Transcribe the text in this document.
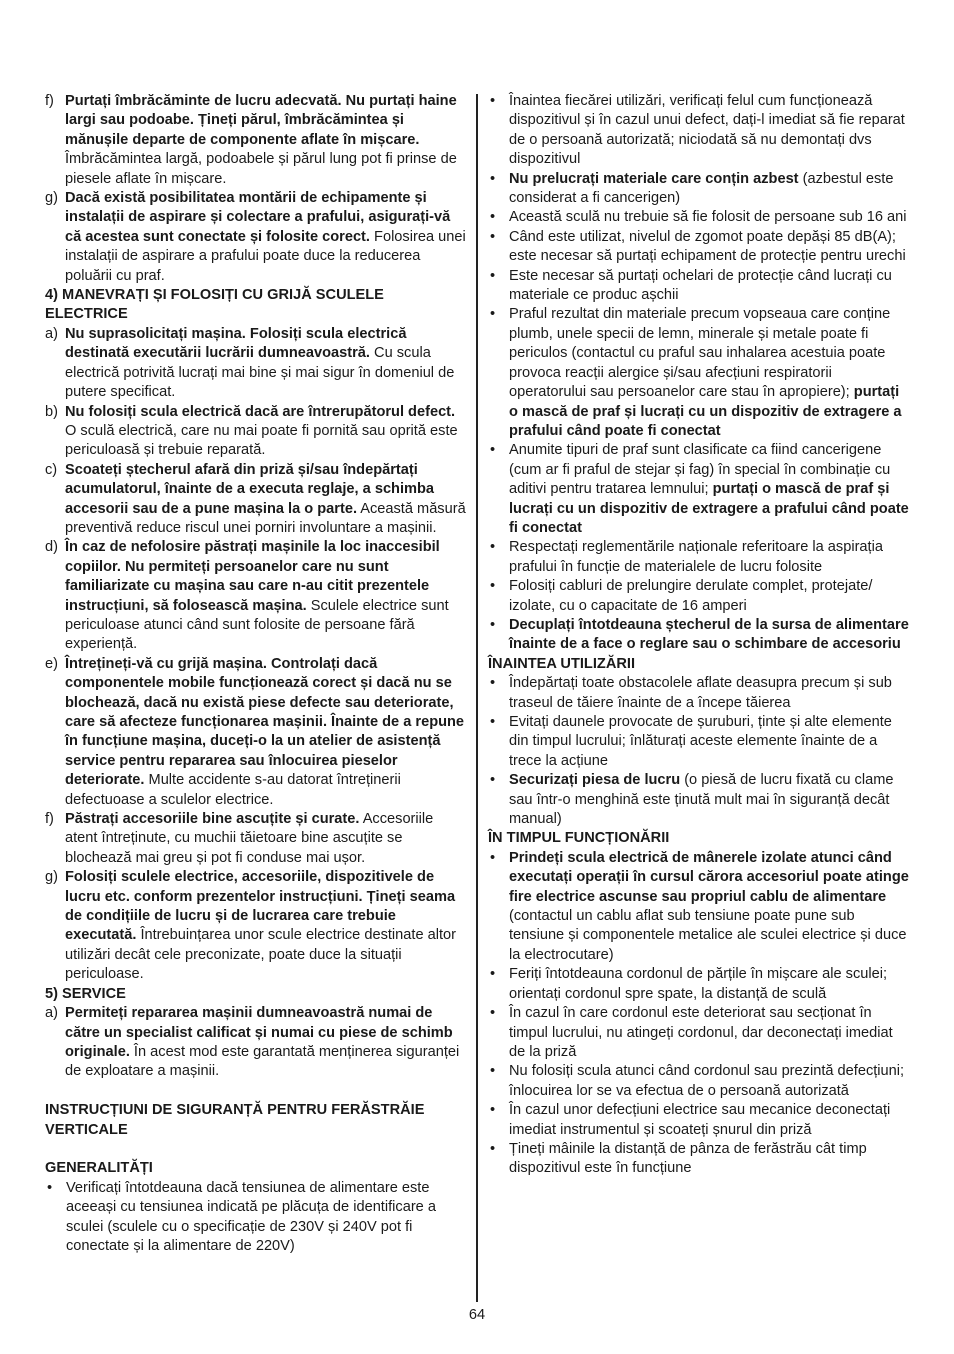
f) Purtați îmbrăcăminte de lucru adecvată. Nu purtați haine largi sau podoabe. Țineți părul, îmbrăcămintea și mănușile departe de componente aflate în mișcare. Îmbrăcămintea largă, podoabele și părul lung pot fi prinse de piesele aflate în mișcare.
g) Dacă există posibilitatea montării de echipamente și instalații de aspirare și colectare a prafului, asigurați-vă că acestea sunt conectate și folosite corect. Folosirea unei instalații de aspirare a prafului poate duce la reducerea poluării cu praf.
4) MANEVRAȚI ȘI FOLOSIȚI CU GRIJĂ SCULELE ELECTRICE
a) Nu suprasolicitați mașina. Folosiți scula electrică destinată executării lucrării dumneavoastră. Cu scula electrică potrivită lucrați mai bine și mai sigur în domeniul de putere specificat.
b) Nu folosiți scula electrică dacă are întrerupătorul defect. O sculă electrică, care nu mai poate fi pornită sau oprită este periculoasă și trebuie reparată.
c) Scoateți ștecherul afară din priză și/sau îndepărtați acumulatorul, înainte de a executa reglaje, a schimba accesorii sau de a pune mașina la o parte. Această măsură preventivă reduce riscul unei porniri involuntare a mașinii.
d) În caz de nefolosire păstrați mașinile la loc inaccesibil copiilor. Nu permiteți persoanelor care nu sunt familiarizate cu mașina sau care n-au citit prezentele instrucțiuni, să folosească mașina. Sculele electrice sunt periculoase atunci când sunt folosite de persoane fără experiență.
e) Întrețineți-vă cu grijă mașina. Controlați dacă componentele mobile funcționează corect și dacă nu se blochează, dacă nu există piese defecte sau deteriorate, care să afecteze funcționarea mașinii. Înainte de a repune în funcțiune mașina, duceți-o la un atelier de asistență service pentru repararea sau înlocuirea pieselor deteriorate. Multe accidente s-au datorat întreținerii defectuoase a sculelor electrice.
f) Păstrați accesoriile bine ascuțite și curate. Accesoriile atent întreținute, cu muchii tăietoare bine ascuțite se blochează mai greu și pot fi conduse mai ușor.
g) Folosiți sculele electrice, accesoriile, dispozitivele de lucru etc. conform prezentelor instrucțiuni. Țineți seama de condițiile de lucru și de lucrarea care trebuie executată. Întrebuințarea unor scule electrice destinate altor utilizări decât cele preconizate, poate duce la situații periculoase.
5) SERVICE
a) Permiteți repararea mașinii dumneavoastră numai de către un specialist calificat și numai cu piese de schimb originale. În acest mod este garantată menținerea siguranței de exploatare a mașinii.
INSTRUCȚIUNI DE SIGURANȚĂ PENTRU FERĂSTRĂIE VERTICALE
GENERALITĂȚI
• Verificați întotdeauna dacă tensiunea de alimentare este aceeași cu tensiunea indicată pe plăcuța de identificare a sculei (sculele cu o specificație de 230V și 240V pot fi conectate și la alimentare de 220V)
• Înaintea fiecărei utilizări, verificați felul cum funcționează dispozitivul și în cazul unui defect, dați-l imediat să fie reparat de o persoană autorizată; niciodată să nu demontați dvs dispozitivul
• Nu prelucrați materiale care conțin azbest (azbestul este considerat a fi cancerigen)
• Această sculă nu trebuie să fie folosit de persoane sub 16 ani
• Când este utilizat, nivelul de zgomot poate depăși 85 dB(A); este necesar să purtați echipament de protecție pentru urechi
• Este necesar să purtați ochelari de protecție când lucrați cu materiale ce produc așchii
• Praful rezultat din materiale precum vopseaua care conține plumb, unele specii de lemn, minerale și metale poate fi periculos (contactul cu praful sau inhalarea acestuia poate provoca reacții alergice și/sau afecțiuni respiratorii operatorului sau persoanelor care stau în apropiere); purtați o mască de praf și lucrați cu un dispozitiv de extragere a prafului când poate fi conectat
• Anumite tipuri de praf sunt clasificate ca fiind cancerigene (cum ar fi praful de stejar și fag) în special în combinație cu aditivi pentru tratarea lemnului; purtați o mască de praf și lucrați cu un dispozitiv de extragere a prafului când poate fi conectat
• Respectați reglementările naționale referitoare la aspirația prafului în funcție de materialele de lucru folosite
• Folosiți cabluri de prelungire derulate complet, protejate/ izolate, cu o capacitate de 16 amperi
• Decuplați întotdeauna ștecherul de la sursa de alimentare înainte de a face o reglare sau o schimbare de accesoriu
ÎNAINTEA UTILIZĂRII
• Îndepărtați toate obstacolele aflate deasupra precum și sub traseul de tăiere înainte de a începe tăierea
• Evitați daunele provocate de șuruburi, ținte și alte elemente din timpul lucrului; înlăturați aceste elemente înainte de a trece la acțiune
• Securizați piesa de lucru (o piesă de lucru fixată cu clame sau într-o menghină este ținută mult mai în siguranță decât manual)
ÎN TIMPUL FUNCȚIONĂRII
• Prindeți scula electrică de mânerele izolate atunci când executați operații în cursul cărora accesoriul poate atinge fire electrice ascunse sau propriul cablu de alimentare (contactul un cablu aflat sub tensiune poate pune sub tensiune și componentele metalice ale sculei electrice și duce la electrocutare)
• Feriți întotdeauna cordonul de părțile în mișcare ale sculei; orientați cordonul spre spate, la distanță de sculă
• În cazul în care cordonul este deteriorat sau secționat în timpul lucrului, nu atingeți cordonul, dar deconectați imediat de la priză
• Nu folosiți scula atunci când cordonul sau prezintă defecțiuni; înlocuirea lor se va efectua de o persoană autorizată
• În cazul unor defecțiuni electrice sau mecanice deconectați imediat instrumentul și scoateți șnurul din priză
• Țineți mâinile la distanță de pânza de ferăstrău cât timp dispozitivul este în funcțiune
64
